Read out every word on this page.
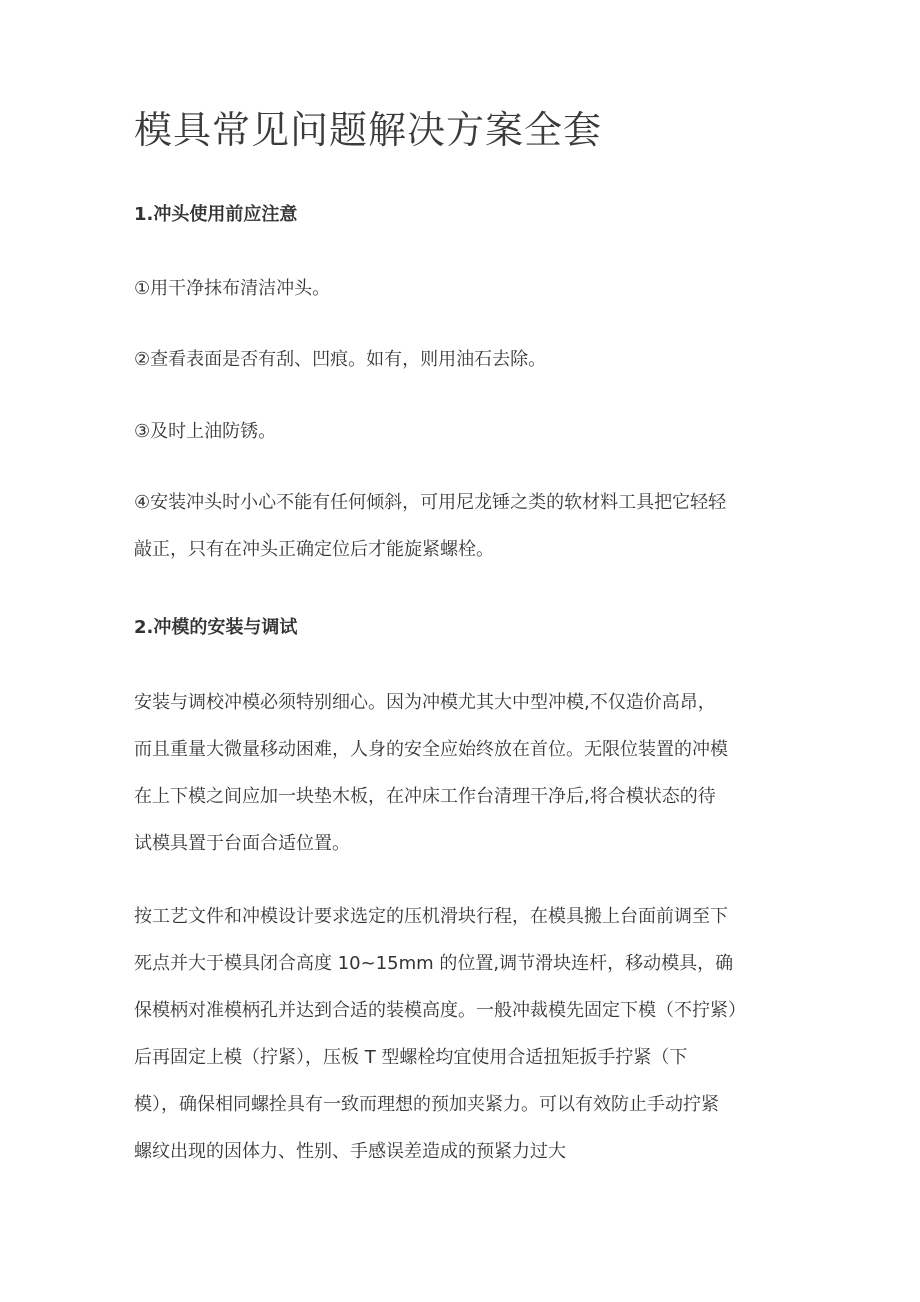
模具常见问题解决方案全套
1.冲头使用前应注意

①用干净抹布清洁冲头。

②查看表面是否有刮、凹痕。如有，则用油石去除。

③及时上油防锈。

④安装冲头时小心不能有任何倾斜，可用尼龙锤之类的软材料工具把它轻轻
敲正，只有在冲头正确定位后才能旋紧螺栓。

2.冲模的安装与调试

安装与调校冲模必须特别细心。因为冲模尤其大中型冲模,不仅造价高昂，
而且重量大微量移动困难，人身的安全应始终放在首位。无限位装置的冲模
在上下模之间应加一块垫木板，在冲床工作台清理干净后,将合模状态的待
试模具置于台面合适位置。

按工艺文件和冲模设计要求选定的压机滑块行程，在模具搬上台面前调至下
死点并大于模具闭合高度 10~15mm 的位置,调节滑块连杆，移动模具，确
保模柄对准模柄孔并达到合适的装模高度。一般冲裁模先固定下模（不拧紧）
后再固定上模（拧紧），压板 T 型螺栓均宜使用合适扭矩扳手拧紧（下
模），确保相同螺拴具有一致而理想的预加夹紧力。可以有效防止手动拧紧
螺纹出现的因体力、性别、手感误差造成的预紧力过大
